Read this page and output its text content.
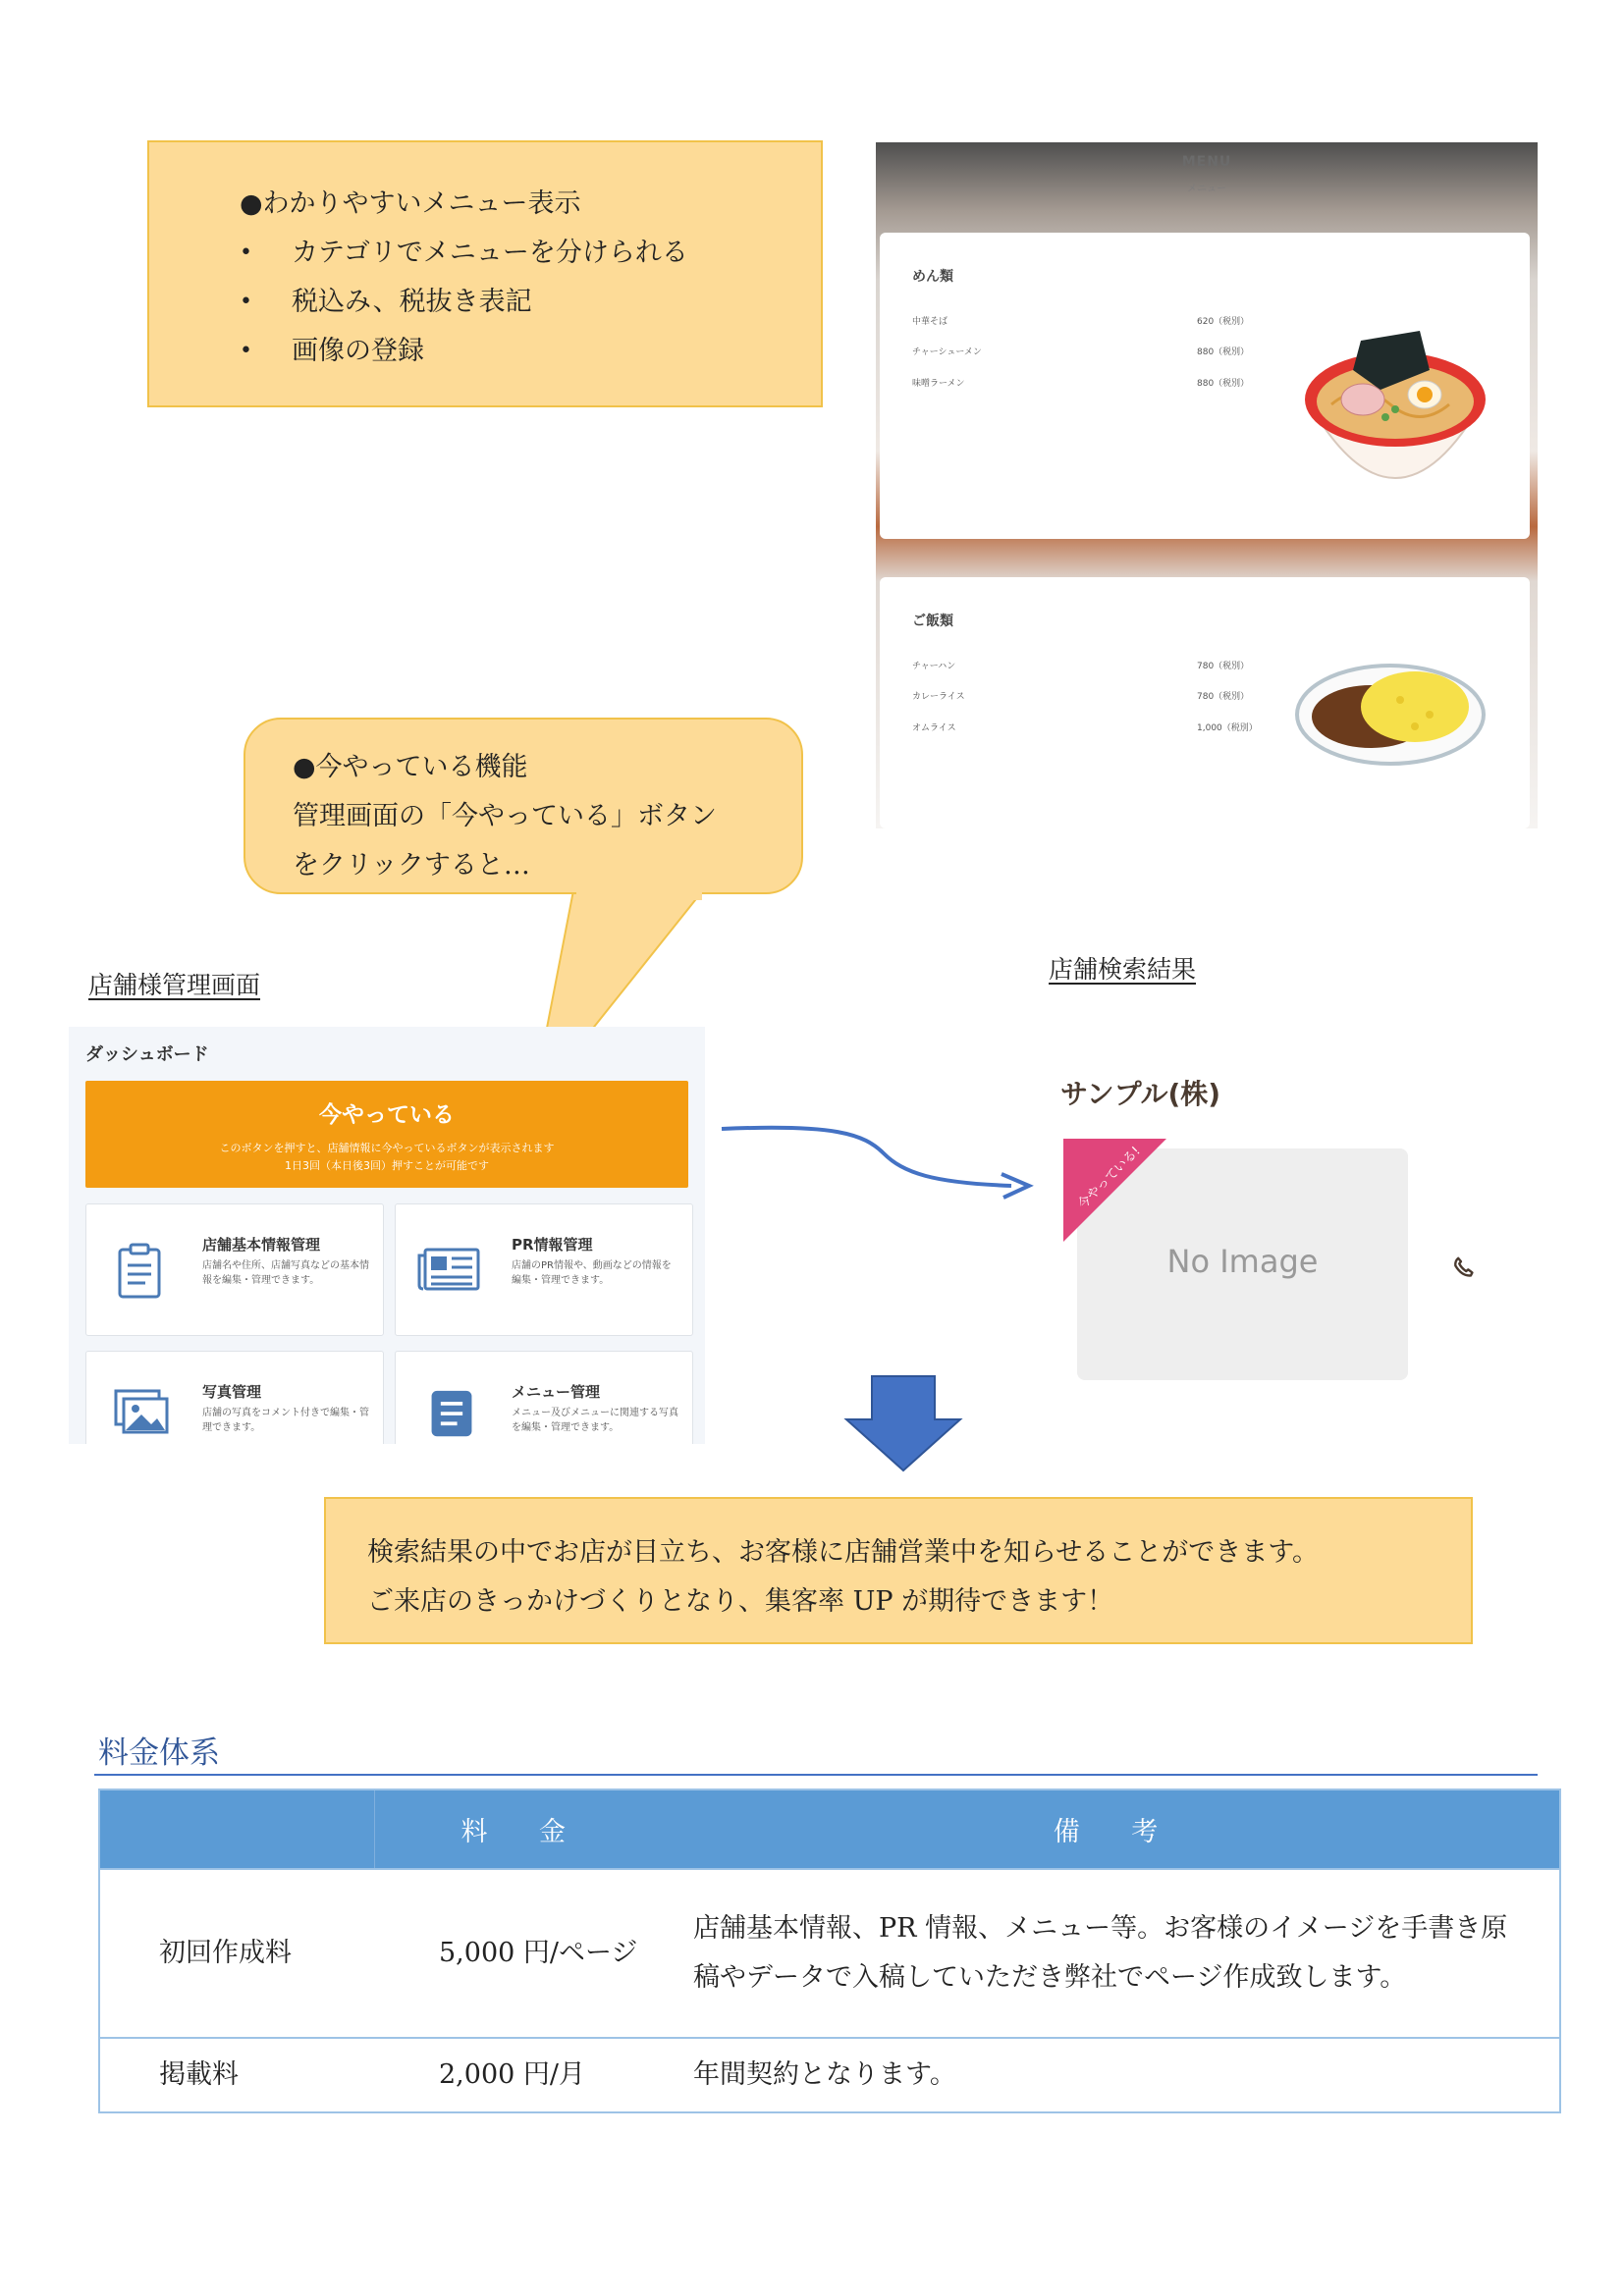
●わかりやすいメニュー表示
• カテゴリでメニューを分けられる
• 税込み、税抜き表記
• 画像の登録
MENU
メニュー
めん類
中華そば	620（税別）
チャーシューメン	880（税別）
味噌ラーメン	880（税別）
ご飯類
チャーハン	780（税別）
カレーライス	780（税別）
オムライス	1,000（税別）
●今やっている機能
管理画面の「今やっている」ボタン
をクリックすると…
店舗様管理画面
店舗検索結果
ダッシュボード
今やっている
このボタンを押すと、店舗情報に今やっているボタンが表示されます
1日3回（本日後3回）押すことが可能です
店舗基本情報管理
店舗名や住所、店舗写真などの基本情報を編集・管理できます。
PR情報管理
店舗のPR情報や、動画などの情報を編集・管理できます。
写真管理
店舗の写真をコメント付きで編集・管理できます。
メニュー管理
メニュー及びメニューに関連する写真を編集・管理できます。
サンプル(株)
No Image
今やっている!
検索結果の中でお店が目立ち、お客様に店舗営業中を知らせることができます。
ご来店のきっかけづくりとなり、集客率 UP が期待できます！
料金体系
	料 金	備 考
初回作成料	5,000 円/ページ	店舗基本情報、PR 情報、メニュー等。お客様のイメージを手書き原稿やデータで入稿していただき弊社でページ作成致します。
掲載料	2,000 円/月	年間契約となります。
